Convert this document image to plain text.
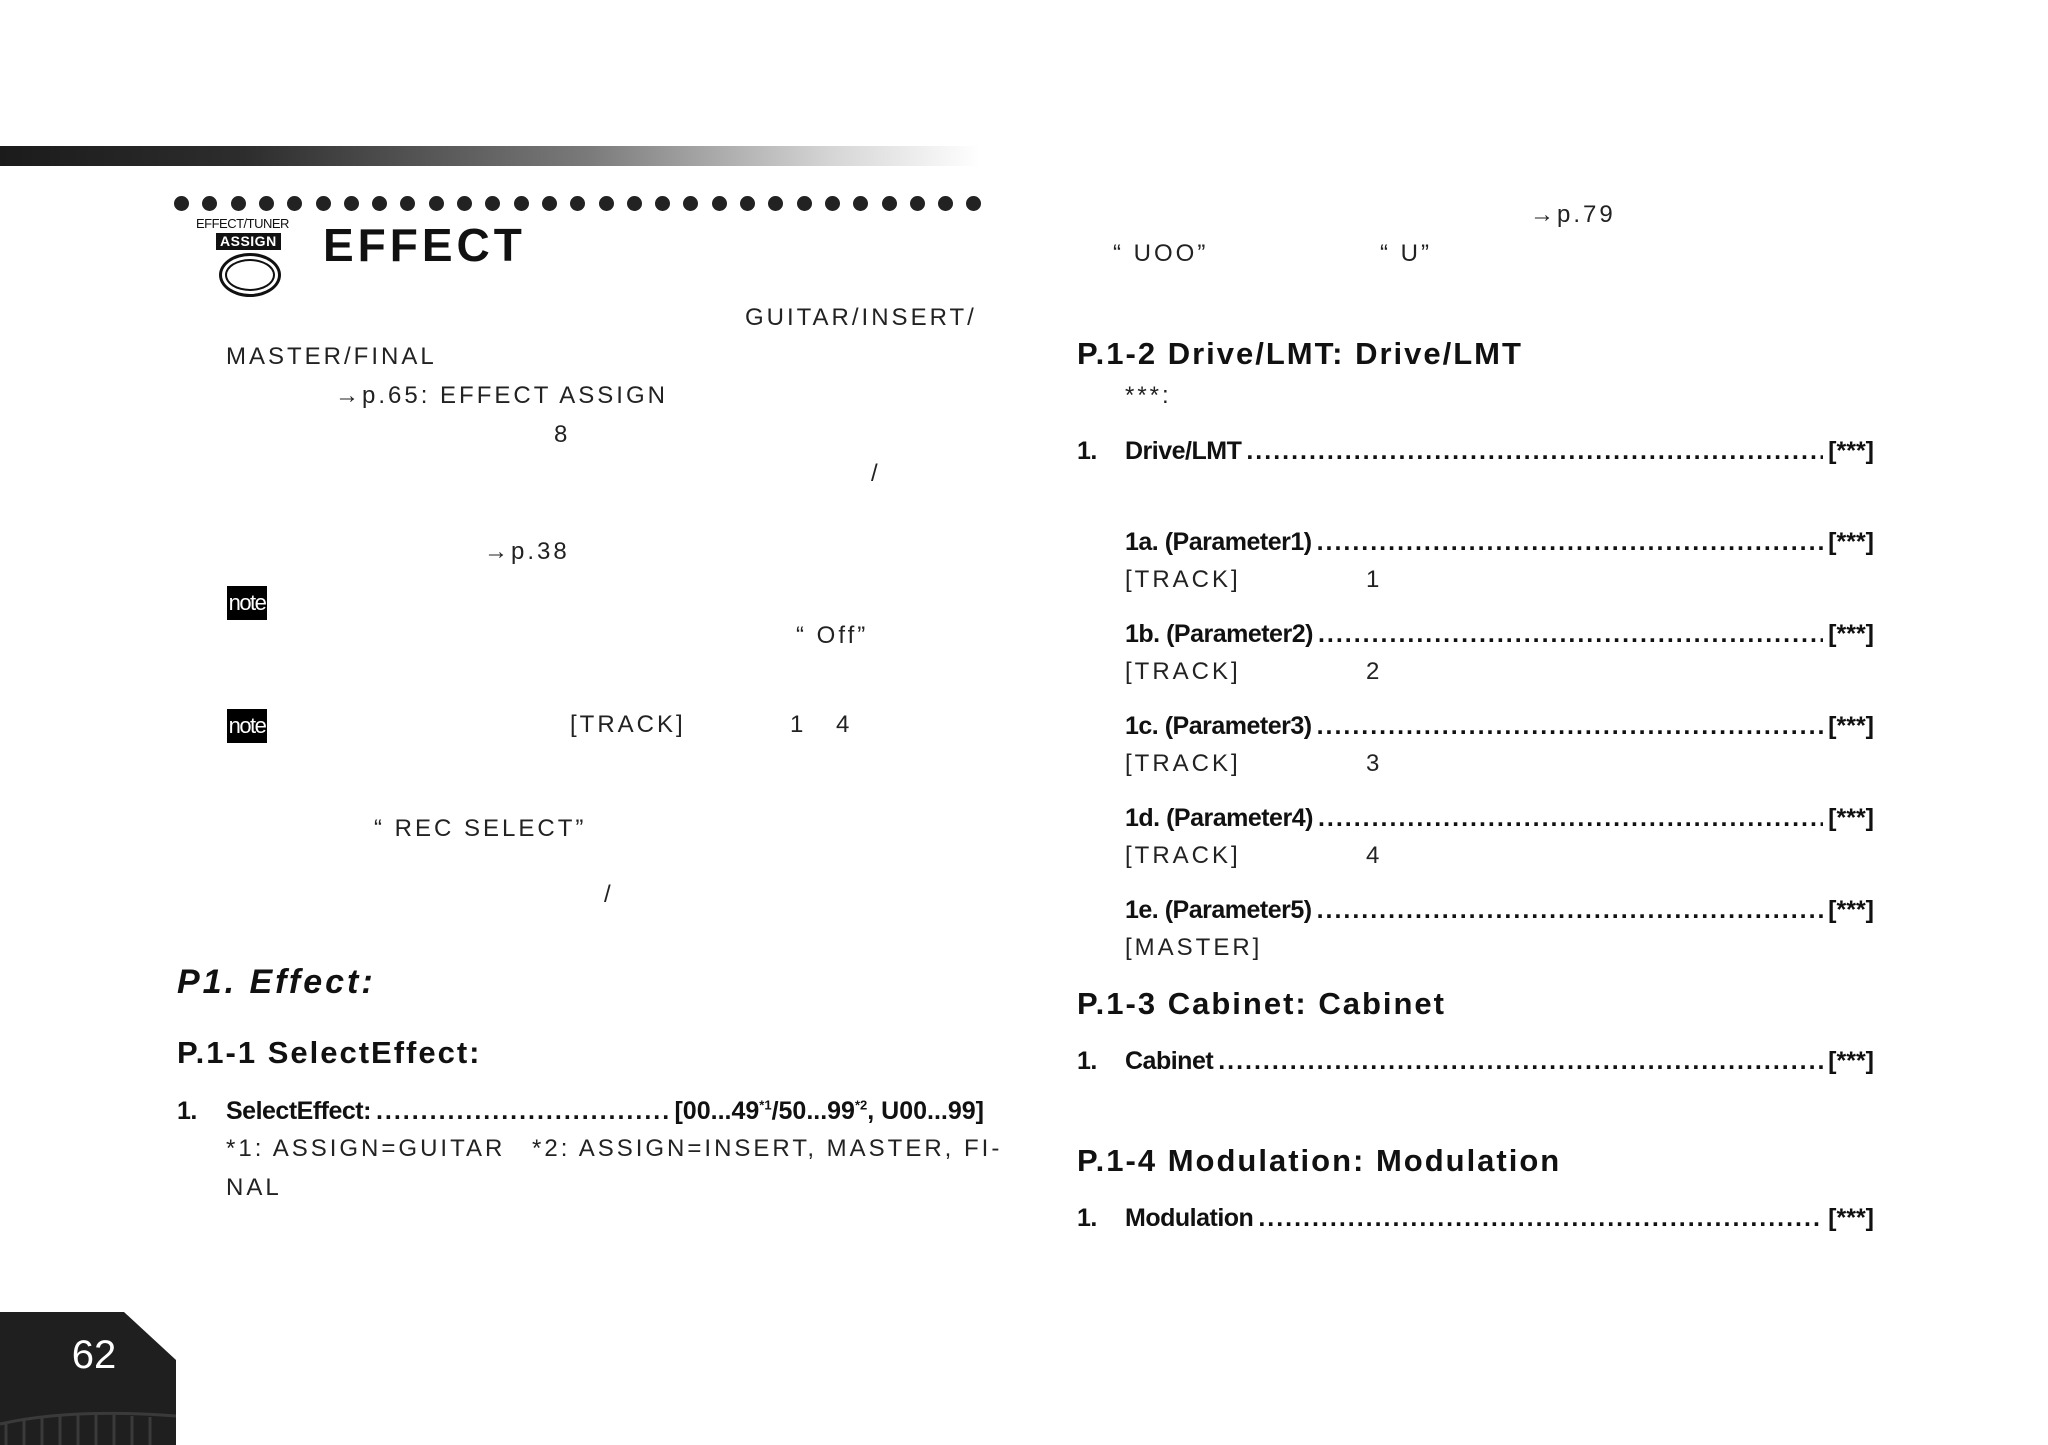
EFFECT/TUNER
ASSIGN EFFECT
GUITAR/INSERT/
MASTER/FINAL
→p.65: EFFECT ASSIGN
8
/
→p.38
note
“ Off”
note	[TRACK]	1 4
“ REC SELECT”
/
P1. Effect:
P.1-1 SelectEffect:
1. SelectEffect: .....	[00...49$^{*1}$/50...99$^{*2}$, U00...99]
*1: ASSIGN=GUITAR *2: ASSIGN=INSERT, MASTER, FI-
NAL
→p.79
“ UOO”	“ U”
P.1-2 Drive/LMT: Drive/LMT
***:
1. Drive/LMT .....	[***]
1a. (Parameter1) .....	[***]
[TRACK]	1
1b. (Parameter2) .....	[***]
[TRACK]	2
1c. (Parameter3) .....	[***]
[TRACK]	3
1d. (Parameter4) .....	[***]
[TRACK]	4
1e. (Parameter5) .....	[***]
[MASTER]
P.1-3 Cabinet: Cabinet
1. Cabinet .....	[***]
P.1-4 Modulation: Modulation
1. Modulation .....	[***]
62
